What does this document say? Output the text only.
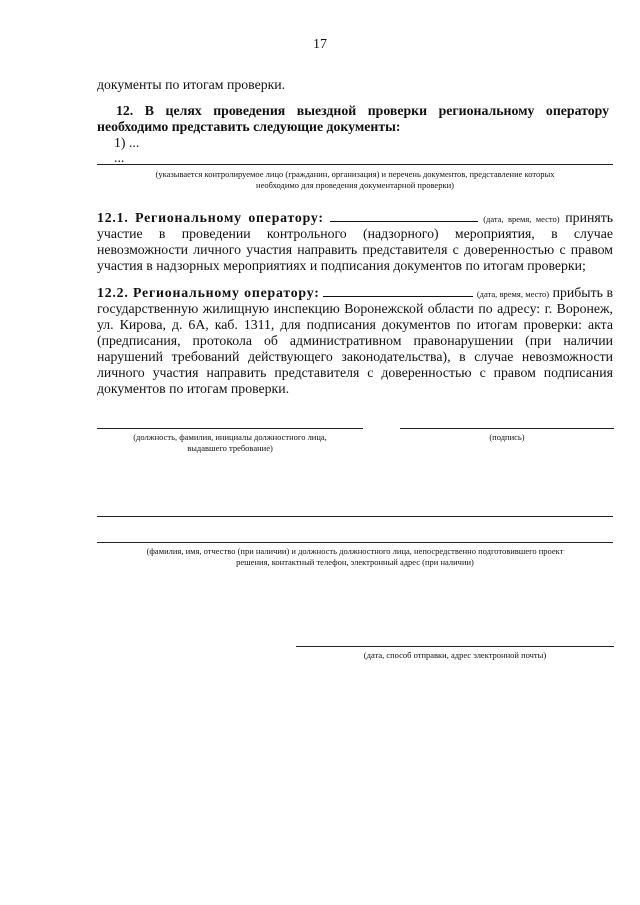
17

документы по итогам проверки.

12. В целях проведения выездной проверки региональному оператору

необходимо представить следующие документы:

1) ...

...

(указывается контролируемое лицо (гражданин, организация) и перечень документов, представление которых
необходимо для проведения документарной проверки)
12.1. Региональному оператору:	(дата, время, место) принять

участие в проведении контрольного (надзорного) мероприятия, в случае

невозможности личного участия направить представителя с доверенностью с правом

участия в надзорных мероприятиях и подписания документов по итогам проверки;

12.2. Региональному оператору:	(дата, время, место) прибыть в

государственную жилищную инспекцию Воронежской области по адресу: г. Воронеж,

ул. Кирова, д. 6А, каб. 1311, для подписания документов по итогам проверки: акта

(предписания, протокола об административном правонарушении (при наличии

нарушений требований действующего законодательства), в случае невозможности

личного участия направить представителя с доверенностью с правом подписания

документов по итогам проверки.

(должность, фамилия, инициалы должностного лица,
выдавшего требование)
(подпись)
(фамилия, имя, отчество (при наличии) и должность должностного лица, непосредственно подготовившего проект
решения, контактный телефон, электронный адрес (при наличии)
(дата, способ отправки, адрес электронной почты)
